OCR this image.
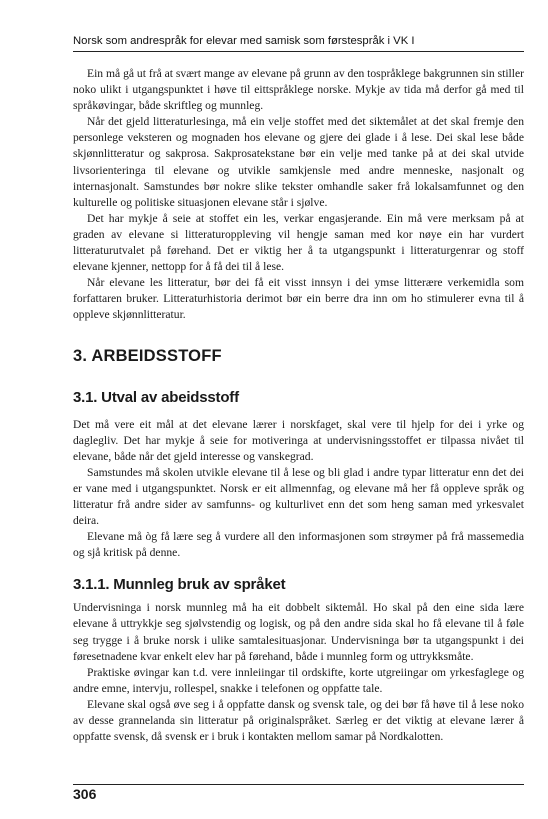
Norsk som andrespråk for elevar med samisk som førstespråk i VK I

Ein må gå ut frå at svært mange av elevane på grunn av den tospråklege bakgrunnen sin stiller noko ulikt i utgangspunktet i høve til eittspråklege norske. Mykje av tida må derfor gå med til språkøvingar, både skriftleg og munnleg.

Når det gjeld litteraturlesinga, må ein velje stoffet med det siktemålet at det skal fremje den personlege veksteren og mognaden hos elevane og gjere dei glade i å lese. Dei skal lese både skjønnlitteratur og sakprosa. Sakprosatekstane bør ein velje med tanke på at dei skal utvide livsorienteringa til elevane og utvikle samkjensle med andre menneske, nasjonalt og internasjonalt. Samstundes bør nokre slike tekster omhandle saker frå lokalsamfunnet og den kulturelle og politiske situasjonen elevane står i sjølve.

Det har mykje å seie at stoffet ein les, verkar engasjerande. Ein må vere merksam på at graden av elevane si litteraturoppleving vil hengje saman med kor nøye ein har vurdert litteraturutvalet på førehand. Det er viktig her å ta utgangspunkt i litteraturgenrar og stoff elevane kjenner, nettopp for å få dei til å lese.

Når elevane les litteratur, bør dei få eit visst innsyn i dei ymse litterære verkemidla som forfattaren bruker. Litteraturhistoria derimot bør ein berre dra inn om ho stimulerer evna til å oppleve skjønnlitteratur.

3. ARBEIDSSTOFF
3.1. Utval av abeidsstoff

Det må vere eit mål at det elevane lærer i norskfaget, skal vere til hjelp for dei i yrke og daglegliv. Det har mykje å seie for motiveringa at undervisningsstoffet er tilpassa nivået til elevane, både når det gjeld interesse og vanskegrad.

Samstundes må skolen utvikle elevane til å lese og bli glad i andre typar litteratur enn det dei er vane med i utgangspunktet. Norsk er eit allmennfag, og elevane må her få oppleve språk og litteratur frå andre sider av samfunns- og kulturlivet enn det som heng saman med yrkesvalet deira.

Elevane må òg få lære seg å vurdere all den informasjonen som strøymer på frå massemedia og sjå kritisk på denne.

3.1.1. Munnleg bruk av språket

Undervisninga i norsk munnleg må ha eit dobbelt siktemål. Ho skal på den eine sida lære elevane å uttrykkje seg sjølvstendig og logisk, og på den andre sida skal ho få elevane til å føle seg trygge i å bruke norsk i ulike samtalesituasjonar. Undervisninga bør ta utgangspunkt i dei føresetnadene kvar enkelt elev har på førehand, både i munnleg form og uttrykksmåte.

Praktiske øvingar kan t.d. vere innleiingar til ordskifte, korte utgreiingar om yrkesfaglege og andre emne, intervju, rollespel, snakke i telefonen og oppfatte tale.

Elevane skal også øve seg i å oppfatte dansk og svensk tale, og dei bør få høve til å lese noko av desse grannelanda sin litteratur på originalspråket. Særleg er det viktig at elevane lærer å oppfatte svensk, då svensk er i bruk i kontakten mellom samar på Nordkalotten.

306
